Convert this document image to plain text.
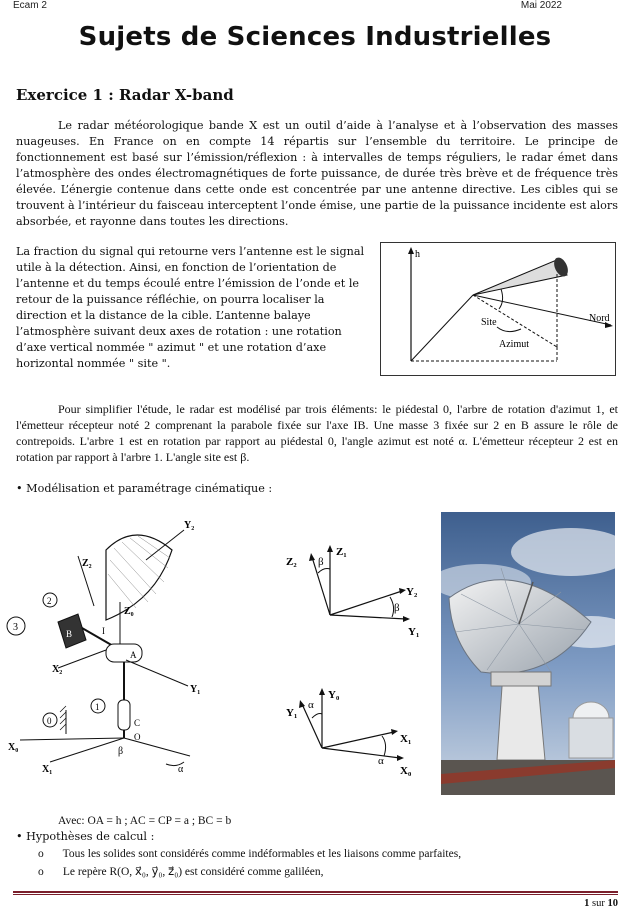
Ecam 2	Mai 2022
Sujets de Sciences Industrielles
Exercice 1 : Radar X-band

Le radar météorologique bande X est un outil d’aide à l’analyse et à l’observation des masses nuageuses. En France on en compte 14 répartis sur l’ensemble du territoire. Le principe de fonctionnement est basé sur l’émission/réflexion : à intervalles de temps réguliers, le radar émet dans l’atmosphère des ondes électromagnétiques de forte puissance, de durée très brève et de fréquence très élevée. L’énergie contenue dans cette onde est concentrée par une antenne directive. Les cibles qui se trouvent à l’intérieur du faisceau interceptent l’onde émise, une partie de la puissance incidente est alors absorbée, et rayonne dans toutes les directions.

La fraction du signal qui retourne vers l’antenne est le signal utile à la détection. Ainsi, en fonction de l’orientation de l’antenne et du temps écoulé entre l’émission de l’onde et le retour de la puissance réfléchie, on pourra localiser la direction et la distance de la cible. L’antenne balaye l’atmosphère suivant deux axes de rotation : une rotation d’axe vertical nommée " azimut " et une rotation d’axe horizontal nommée " site ".

h
Nord
Site
Azimut

Pour simplifier l'étude, le radar est modélisé par trois éléments: le piédestal 0, l'arbre de rotation d'azimut 1, et l'émetteur récepteur noté 2 comprenant la parabole fixée sur l'axe IB. Une masse 3 fixée sur 2 en B assure le rôle de contrepoids. L'arbre 1 est en rotation par rapport au piédestal 0, l'angle azimut est noté α. L'émetteur récepteur 2 est en rotation par rapport à l'arbre 1. L'angle site est β.

• Modélisation et paramétrage cinématique :
Y₂
Z₂
Z₀
3
2
B	I
X₂
A
Y₁
C
O
1
0
X₀
X₁	α
β
Z₁
Z₂
Y₂
Y₁
β
β
Y₀
Y₁
X₁
X₀
α
α
Avec: OA = h ; AC = CP = a ; BC = b
• Hypothèses de calcul :
o Tous les solides sont considérés comme indéformables et les liaisons comme parfaites,
o Le repère R(O, x⃗₀, y⃗₀, z⃗₀) est considéré comme galiléen,
1 sur 10
